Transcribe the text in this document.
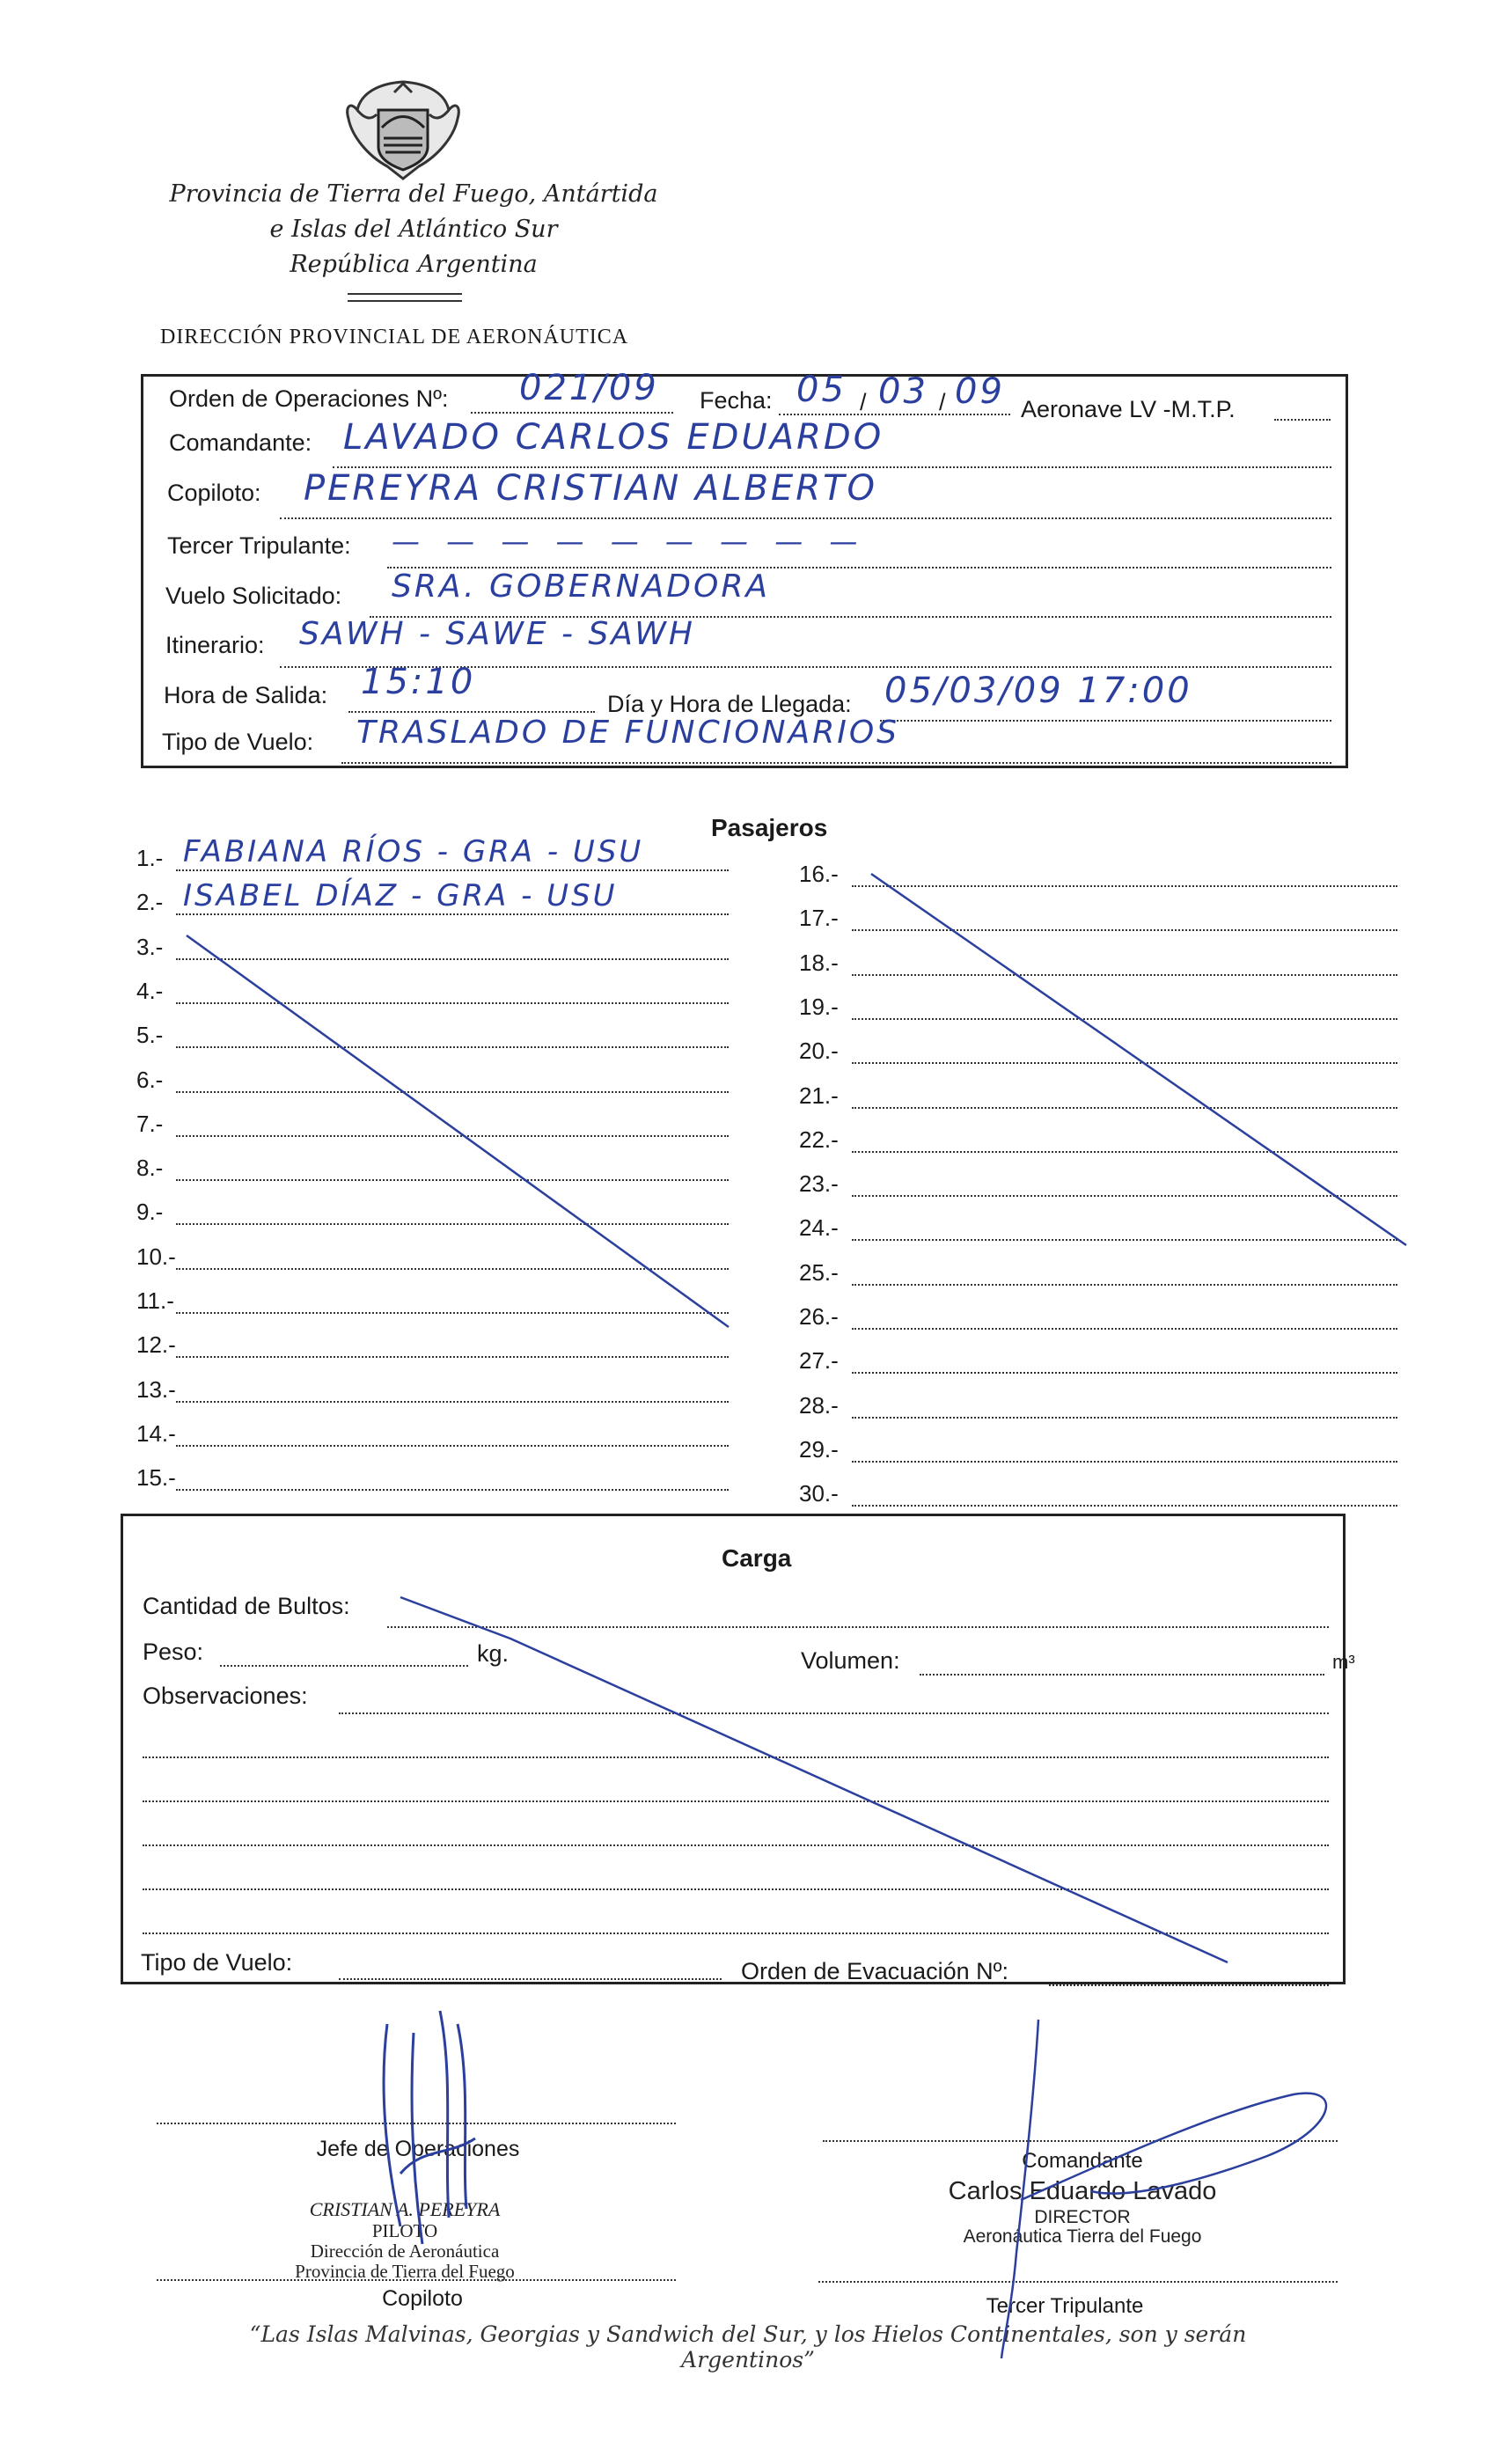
Provincia de Tierra del Fuego, Antártida
e Islas del Atlántico Sur
República Argentina
DIRECCIÓN PROVINCIAL DE AERONÁUTICA
Orden de Operaciones Nº: 021/09 Fecha: 05 / 03 / 09 Aeronave LV -M.T.P.
Comandante: LAVADO CARLOS EDUARDO
Copiloto: PEREYRA CRISTIAN ALBERTO
Tercer Tripulante: — — — — — — — — —
Vuelo Solicitado: SRA. GOBERNADORA
Itinerario: SAWH - SAWE - SAWH
Hora de Salida: 15:10
Día y Hora de Llegada: 05/03/09 17:00
Tipo de Vuelo: TRASLADO DE FUNCIONARIOS
Pasajeros
1.- FABIANA RÍOS - GRA - USU
2.- ISABEL DÍAZ - GRA - USU
3.-
4.-
5.-
6.-
7.-
8.-
9.-
10.-
11.-
12.-
13.-
14.-
15.-
16.-
17.-
18.-
19.-
20.-
21.-
22.-
23.-
24.-
25.-
26.-
27.-
28.-
29.-
30.-
Carga
Cantidad de Bultos:
Peso:	kg.	Volumen:	m³
Observaciones:
Tipo de Vuelo:	Orden de Evacuación Nº:
Jefe de Operaciones
CRISTIAN A. PEREYRA
PILOTO
Dirección de Aeronáutica
Provincia de Tierra del Fuego
Copiloto
Comandante
Carlos Eduardo Lavado
DIRECTOR
Aeronáutica Tierra del Fuego
Tercer Tripulante
“Las Islas Malvinas, Georgias y Sandwich del Sur, y los Hielos Continentales, son y serán Argentinos”
